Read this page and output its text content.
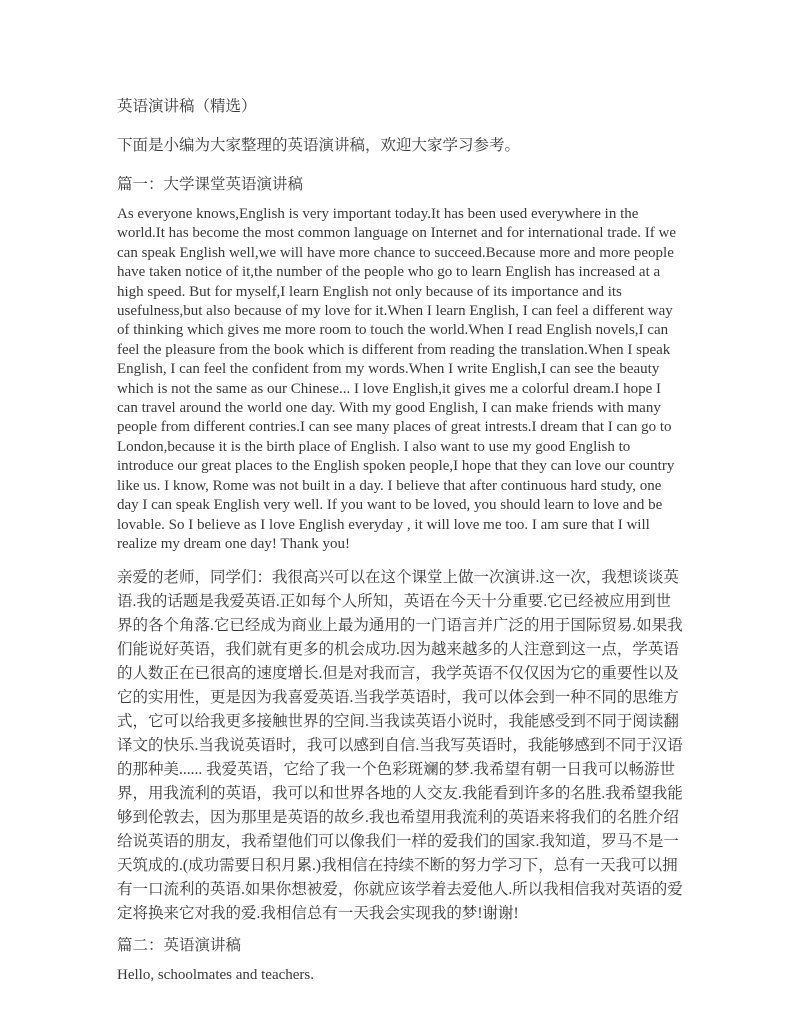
英语演讲稿（精选）

下面是小编为大家整理的英语演讲稿，欢迎大家学习参考。

篇一：大学课堂英语演讲稿

As everyone knows,English is very important today.It has been used everywhere in the world.It has become the most common language on Internet and for international trade. If we can speak English well,we will have more chance to succeed.Because more and more people have taken notice of it,the number of the people who go to learn English has increased at a high speed. But for myself,I learn English not only because of its importance and its usefulness,but also because of my love for it.When I learn English, I can feel a different way of thinking which gives me more room to touch the world.When I read English novels,I can feel the pleasure from the book which is different from reading the translation.When I speak English, I can feel the confident from my words.When I write English,I can see the beauty which is not the same as our Chinese... I love English,it gives me a colorful dream.I hope I can travel around the world one day. With my good English, I can make friends with many people from different contries.I can see many places of great intrests.I dream that I can go to London,because it is the birth place of English. I also want to use my good English to introduce our great places to the English spoken people,I hope that they can love our country like us. I know, Rome was not built in a day. I believe that after continuous hard study, one day I can speak English very well. If you want to be loved, you should learn to love and be lovable. So I believe as I love English everyday , it will love me too. I am sure that I will realize my dream one day! Thank you!

亲爱的老师，同学们：我很高兴可以在这个课堂上做一次演讲.这一次，我想谈谈英语.我的话题是我爱英语.正如每个人所知，英语在今天十分重要.它已经被应用到世界的各个角落.它已经成为商业上最为通用的一门语言并广泛的用于国际贸易.如果我们能说好英语，我们就有更多的机会成功.因为越来越多的人注意到这一点，学英语的人数正在已很高的速度增长.但是对我而言，我学英语不仅仅因为它的重要性以及它的实用性，更是因为我喜爱英语.当我学英语时，我可以体会到一种不同的思维方式，它可以给我更多接触世界的空间.当我读英语小说时，我能感受到不同于阅读翻译文的快乐.当我说英语时，我可以感到自信.当我写英语时，我能够感到不同于汉语的那种美...... 我爱英语，它给了我一个色彩斑斓的梦.我希望有朝一日我可以畅游世界，用我流利的英语，我可以和世界各地的人交友.我能看到许多的名胜.我希望我能够到伦敦去，因为那里是英语的故乡.我也希望用我流利的英语来将我们的名胜介绍给说英语的朋友，我希望他们可以像我们一样的爱我们的国家.我知道，罗马不是一天筑成的.(成功需要日积月累.)我相信在持续不断的努力学习下，总有一天我可以拥有一口流利的英语.如果你想被爱，你就应该学着去爱他人.所以我相信我对英语的爱定将换来它对我的爱.我相信总有一天我会实现我的梦!谢谢!

篇二：英语演讲稿

Hello, schoolmates and teachers.
